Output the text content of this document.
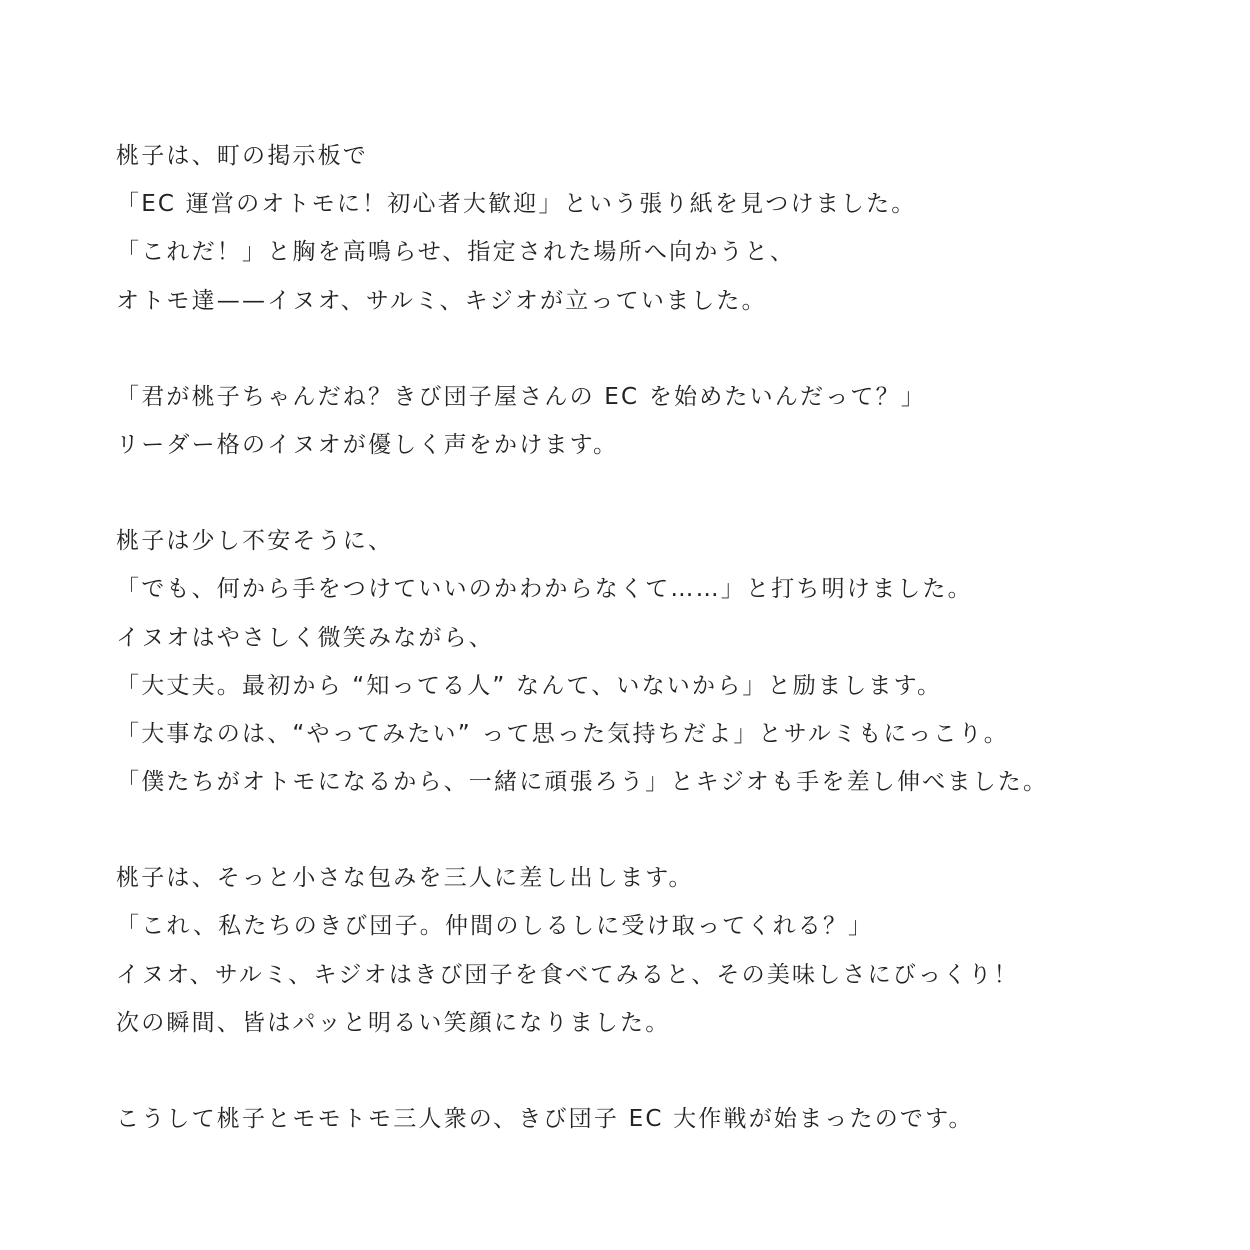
桃子は、町の掲示板で
「EC 運営のオトモに！初心者大歓迎」という張り紙を見つけました。
「これだ！」と胸を高鳴らせ、指定された場所へ向かうと、
オトモ達——イヌオ、サルミ、キジオが立っていました。
「君が桃子ちゃんだね？きび団子屋さんの EC を始めたいんだって？」
リーダー格のイヌオが優しく声をかけます。
桃子は少し不安そうに、
「でも、何から手をつけていいのかわからなくて……」と打ち明けました。
イヌオはやさしく微笑みながら、
「大丈夫。最初から “知ってる人” なんて、いないから」と励まします。
「大事なのは、“やってみたい” って思った気持ちだよ」とサルミもにっこり。
「僕たちがオトモになるから、一緒に頑張ろう」とキジオも手を差し伸べました。
桃子は、そっと小さな包みを三人に差し出します。
「これ、私たちのきび団子。仲間のしるしに受け取ってくれる？」
イヌオ、サルミ、キジオはきび団子を食べてみると、その美味しさにびっくり！
次の瞬間、皆はパッと明るい笑顔になりました。
こうして桃子とモモトモ三人衆の、きび団子 EC 大作戦が始まったのです。
